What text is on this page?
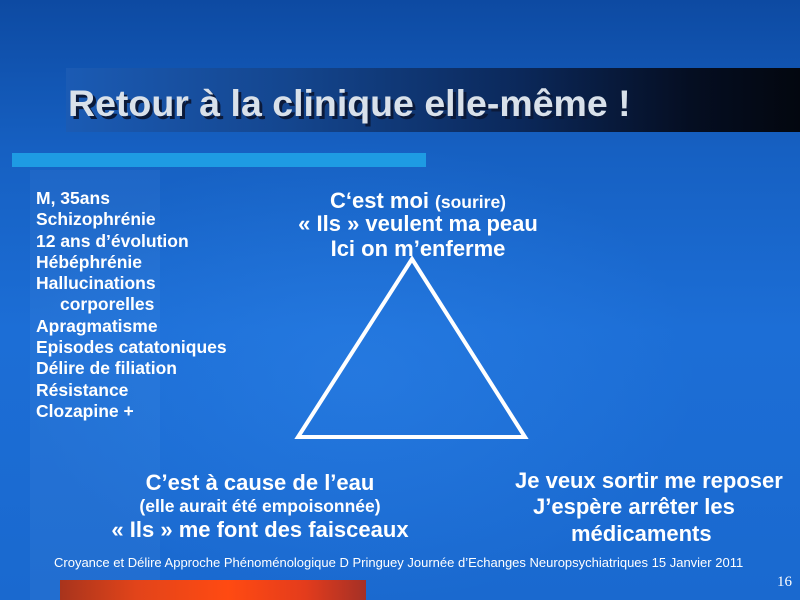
Retour à la clinique elle-même !
M, 35ans
Schizophrénie
12 ans d’évolution
Hébéphrénie
Hallucinations
corporelles
Apragmatisme
Episodes catatoniques
Délire de filiation
Résistance
Clozapine +
C‘est moi (sourire)
« Ils » veulent ma peau
Ici on m’enferme
C’est à cause de l’eau
(elle aurait été empoisonnée)
« Ils » me font des faisceaux
Je veux sortir me reposer
J’espère arrêter les
médicaments
Croyance et Délire Approche Phénoménologique D Pringuey Journée d’Echanges Neuropsychiatriques 15 Janvier 2011
16
